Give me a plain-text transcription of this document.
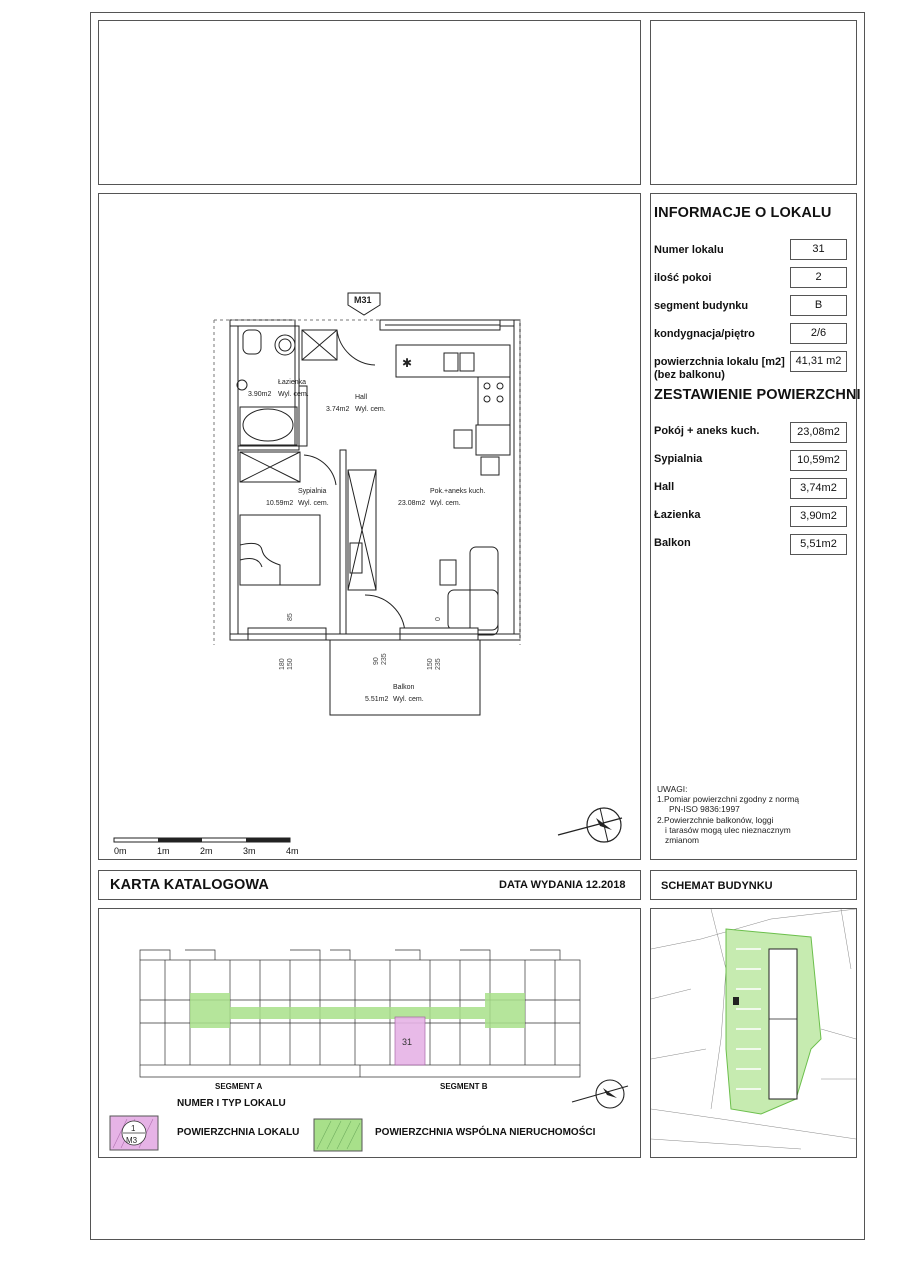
INFORMACJE O LOKALU
Numer lokalu	31
ilość pokoi	2
segment budynku	B
kondygnacja/piętro	2/6
powierzchnia lokalu [m2]
(bez balkonu)
41,31 m2
ZESTAWIENIE POWIERZCHNI
Pokój + aneks kuch.	23,08m2
Sypialnia	10,59m2
Hall	3,74m2
Łazienka	3,90m2
Balkon	5,51m2
UWAGI:
1.Pomiar powierzchni zgodny z normą
PN-ISO 9836:1997
2.Powierzchnie balkonów, loggi
i tarasów mogą ulec nieznacznym
zmianom
✱
M31
Łazienka
3.90m2 Wyl. cem.	Hall
3.74m2 Wyl. cem.
Sypialnia
10.59m2 Wyl. cem.
Pok.+aneks kuch.
23.08m2 Wyl. cem.
Balkon
5.51m2 Wyl. cem.
85	0
180 150	90 235	150 235
0m	1m	2m	3m	4m
KARTA KATALOGOWA	DATA WYDANIA 12.2018	SCHEMAT BUDYNKU
31
SEGMENT A	SEGMENT B
1
M3
NUMER I TYP LOKALU
POWIERZCHNIA LOKALU	POWIERZCHNIA WSPÓLNA NIERUCHOMOŚCI
